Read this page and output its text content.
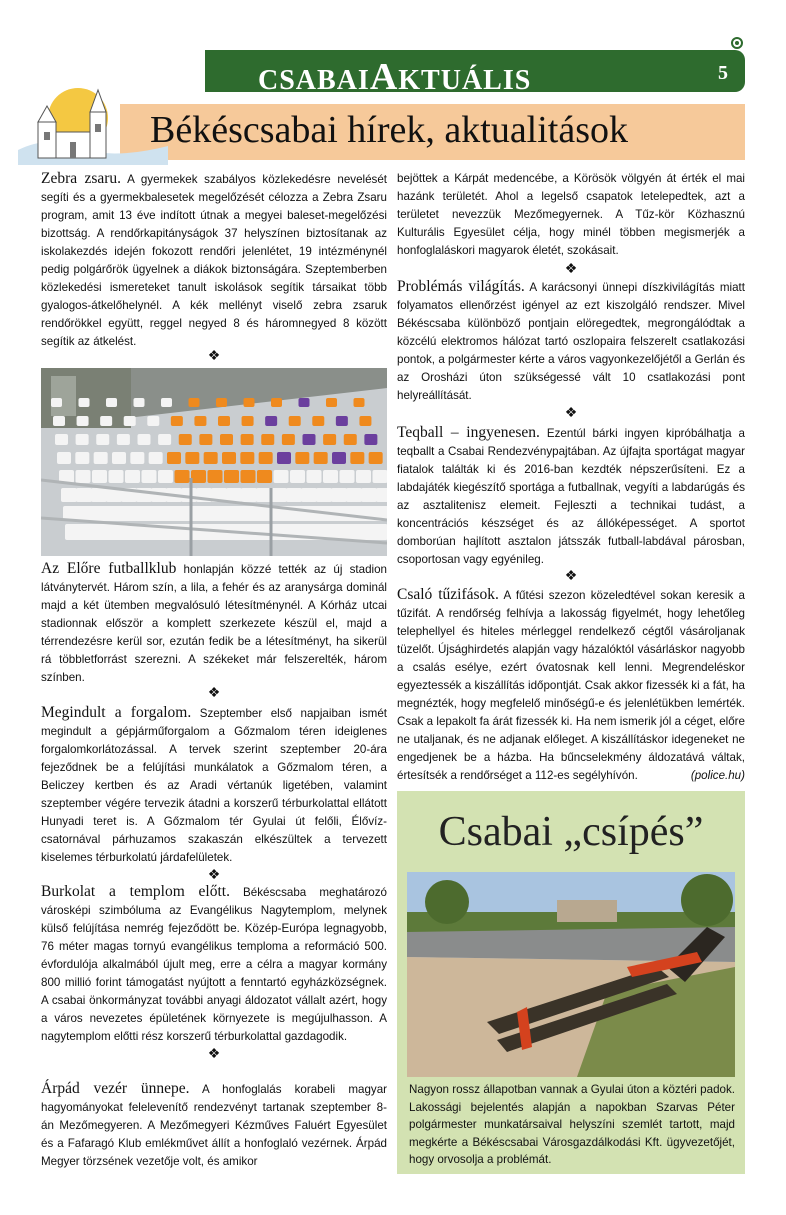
CSABAIAKTUÁLIS	5
Békéscsabai hírek, aktualitások
Zebra zsaru. A gyermekek szabályos közlekedésre nevelését segíti és a gyermekbalesetek megelőzését célozza a Zebra Zsaru program, amit 13 éve indított útnak a megyei baleset-megelőzési bizottság. A rendőrkapitányságok 37 helyszínen biztosítanak az iskolakezdés idején fokozott rendőri jelenlétet, 19 intézménynél pedig polgárőrök ügyelnek a diákok biztonságára. Szeptemberben közlekedési ismereteket tanult iskolások segítik társaikat több gyalogos-átkelőhelynél. A kék mellényt viselő zebra zsaruk rendőrökkel együtt, reggel negyed 8 és háromnegyed 8 között segítik az átkelést.
❖
Az Előre futballklub honlapján közzé tették az új stadion látványtervét. Három szín, a lila, a fehér és az aranysárga dominál majd a két ütemben megvalósuló létesítménynél. A Kórház utcai stadionnak először a komplett szerkezete készül el, majd a térrendezésre kerül sor, ezután fedik be a létesítményt, ha sikerül rá többletforrást szerezni. A székeket már felszerelték, három színben.
❖
Megindult a forgalom. Szeptember első napjaiban ismét megindult a gépjárműforgalom a Gőzmalom téren ideiglenes forgalomkorlátozással. A tervek szerint szeptember 20-ára fejeződnek be a felújítási munkálatok a Gőzmalom téren, a Beliczey kertben és az Aradi vértanúk ligetében, valamint szeptember végére tervezik átadni a korszerű térburkolattal ellátott Hunyadi teret is. A Gőzmalom tér Gyulai út felőli, Élővíz-csatornával párhuzamos szakaszán elkészültek a tervezett kiselemes térburkolatú járdafelületek.
❖
Burkolat a templom előtt. Békéscsaba meghatározó városképi szimbóluma az Evangélikus Nagytemplom, melynek külső felújítása nemrég fejeződött be. Közép-Európa legnagyobb, 76 méter magas tornyú evangélikus temploma a reformáció 500. évfordulója alkalmából újult meg, erre a célra a magyar kormány 800 millió forint támogatást nyújtott a fenntartó egyházközségnek. A csabai önkormányzat további anyagi áldozatot vállalt azért, hogy a város nevezetes épületének környezete is megújulhasson. A nagytemplom előtti rész korszerű térburkolattal gazdagodik.
❖
Árpád vezér ünnepe. A honfoglalás korabeli magyar hagyományokat felelevenítő rendezvényt tartanak szeptember 8-án Mezőmegyeren. A Mezőmegyeri Kézműves Faluért Egyesület és a Fafaragó Klub emlékművet állít a honfoglaló vezérnek. Árpád Megyer törzsének vezetője volt, és amikor
bejöttek a Kárpát medencébe, a Körösök völgyén át érték el mai hazánk területét. Ahol a legelső csapatok letelepedtek, azt a területet nevezzük Mezőmegyernek. A Tűz-kör Közhasznú Kulturális Egyesület célja, hogy minél többen megismerjék a honfoglaláskori magyarok életét, szokásait.
❖
Problémás világítás. A karácsonyi ünnepi díszkivilágítás miatt folyamatos ellenőrzést igényel az ezt kiszolgáló rendszer. Mivel Békéscsaba különböző pontjain elöregedtek, megrongálódtak a közcélú elektromos hálózat tartó oszlopaira felszerelt csatlakozási pontok, a polgármester kérte a város vagyonkezelőjétől a Gerlán és az Orosházi úton szükségessé vált 10 csatlakozási pont helyreállítását.
❖
Teqball – ingyenesen. Ezentúl bárki ingyen kipróbálhatja a teqballt a Csabai Rendezvénypajtában. Az újfajta sportágat magyar fiatalok találták ki és 2016-ban kezdték népszerűsíteni. Ez a labdajáték kiegészítő sportága a futballnak, vegyíti a labdarúgás és az asztalitenisz elemeit. Fejleszti a technikai tudást, a koncentrációs készséget és az állóképességet. A sportot domborúan hajlított asztalon játsszák futball-labdával párosban, csoportosan vagy egyénileg.
❖
Csaló tűzifások. A fűtési szezon közeledtével sokan keresik a tűzifát. A rendőrség felhívja a lakosság figyelmét, hogy lehetőleg telephellyel és hiteles mérleggel rendelkező cégtől vásároljanak tüzelőt. Újsághirdetés alapján vagy házalóktól vásárláskor nagyobb a csalás esélye, ezért óvatosnak kell lenni. Megrendeléskor egyeztessék a kiszállítás időpontját. Csak akkor fizessék ki a fát, ha megnézték, hogy megfelelő minőségű-e és jelenlétükben lemérték. Csak a lepakolt fa árát fizessék ki. Ha nem ismerik jól a céget, előre ne utaljanak, és ne adjanak előleget. A kiszállításkor idegeneket ne engedjenek be a házba. Ha bűncselekmény áldozatává váltak, értesítsék a rendőrséget a 112-es segélyhívón.	(police.hu)
Csabai „csípés”
Nagyon rossz állapotban vannak a Gyulai úton a köztéri padok. Lakossági bejelentés alapján a napokban Szarvas Péter polgármester munkatársaival helyszíni szemlét tartott, majd megkérte a Békéscsabai Városgazdálkodási Kft. ügyvezetőjét, hogy orvosolja a problémát.
